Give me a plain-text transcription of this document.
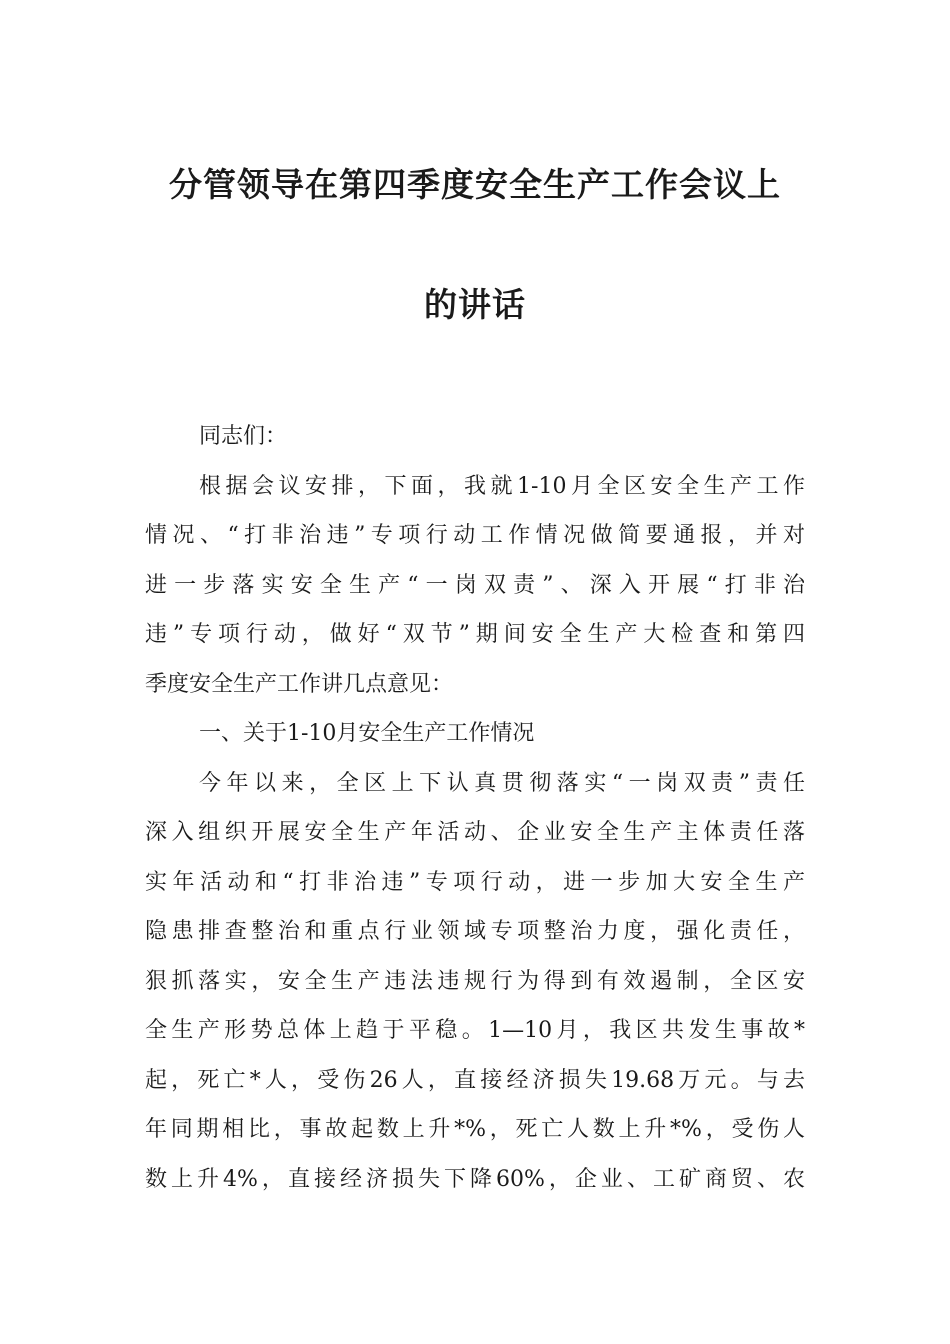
分管领导在第四季度安全生产工作会议上
的讲话
同志们：
根据会议安排，下面，我就1-10月全区安全生产工作
情况、“打非治违”专项行动工作情况做简要通报，并对
进一步落实安全生产“一岗双责”、深入开展“打非治
违”专项行动，做好“双节”期间安全生产大检查和第四
季度安全生产工作讲几点意见：
一、关于1-10月安全生产工作情况
今年以来，全区上下认真贯彻落实“一岗双责”责任
深入组织开展安全生产年活动、企业安全生产主体责任落
实年活动和“打非治违”专项行动，进一步加大安全生产
隐患排查整治和重点行业领域专项整治力度，强化责任，
狠抓落实，安全生产违法违规行为得到有效遏制，全区安
全生产形势总体上趋于平稳。1—10月，我区共发生事故*
起，死亡*人，受伤26人，直接经济损失19.68万元。与去
年同期相比，事故起数上升*%，死亡人数上升*%，受伤人
数上升4%，直接经济损失下降60%，企业、工矿商贸、农
